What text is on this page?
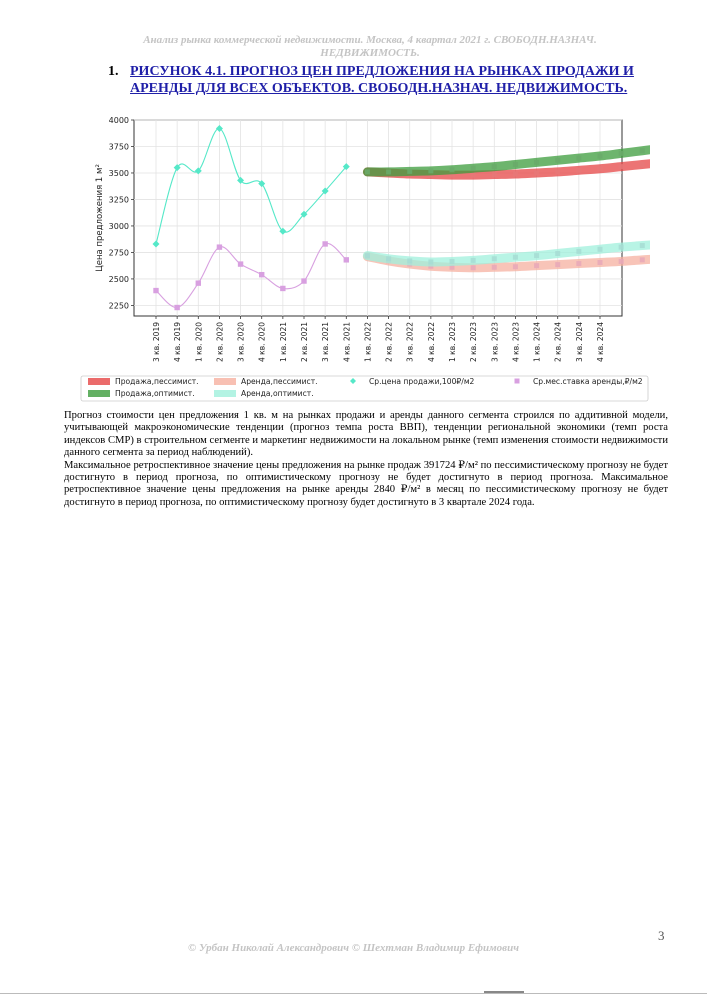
Анализ рынка коммерческой недвижимости. Москва, 4 квартал 2021 г. СВОБОДН.НАЗНАЧ.
НЕДВИЖИМОСТЬ.
1. РИСУНОК 4.1. ПРОГНОЗ ЦЕН ПРЕДЛОЖЕНИЯ НА РЫНКАХ ПРОДАЖИ И АРЕНДЫ ДЛЯ ВСЕХ ОБЪЕКТОВ. СВОБОДН.НАЗНАЧ. НЕДВИЖИМОСТЬ.
2250
2500
2750
3000
3250
3500
3750
4000
3 кв. 2019 4 кв. 2019 1 кв. 2020 2 кв. 2020 3 кв. 2020 4 кв. 2020 1 кв. 2021 2 кв. 2021 3 кв. 2021 4 кв. 2021 1 кв. 2022 2 кв. 2022 3 кв. 2022 4 кв. 2022 1 кв. 2023 2 кв. 2023 3 кв. 2023 4 кв. 2023 1 кв. 2024 2 кв. 2024 3 кв. 2024 4 кв. 2024
Цена предложения 1 м²
Продажа,пессимист.	Аренда,пессимист.	Ср.цена продажи,100₽/м2	Ср.мес.ставка аренды,₽/м2
Продажа,оптимист.	Аренда,оптимист.

Прогноз стоимости цен предложения 1 кв. м на рынках продажи и аренды данного сегмента строился по аддитивной модели, учитывающей макроэкономические тенденции (прогноз темпа роста ВВП), тенденции региональной экономики (темп роста индексов СМР) в строительном сегменте и маркетинг недвижимости на локальном рынке (темп изменения стоимости недвижимости данного сегмента за период наблюдений).

Максимальное ретроспективное значение цены предложения на рынке продаж 391724 ₽/м² по пессимистическому прогнозу не будет достигнуто в период прогноза, по оптимистическому прогнозу не будет достигнуто в период прогноза. Максимальное ретроспективное значение цены предложения на рынке аренды 2840 ₽/м² в месяц по пессимистическому прогнозу не будет достигнуто в период прогноза, по оптимистическому прогнозу будет достигнуто в 3 квартале 2024 года.

3
© Урбан Николай Александрович © Шехтман Владимир Ефимович
